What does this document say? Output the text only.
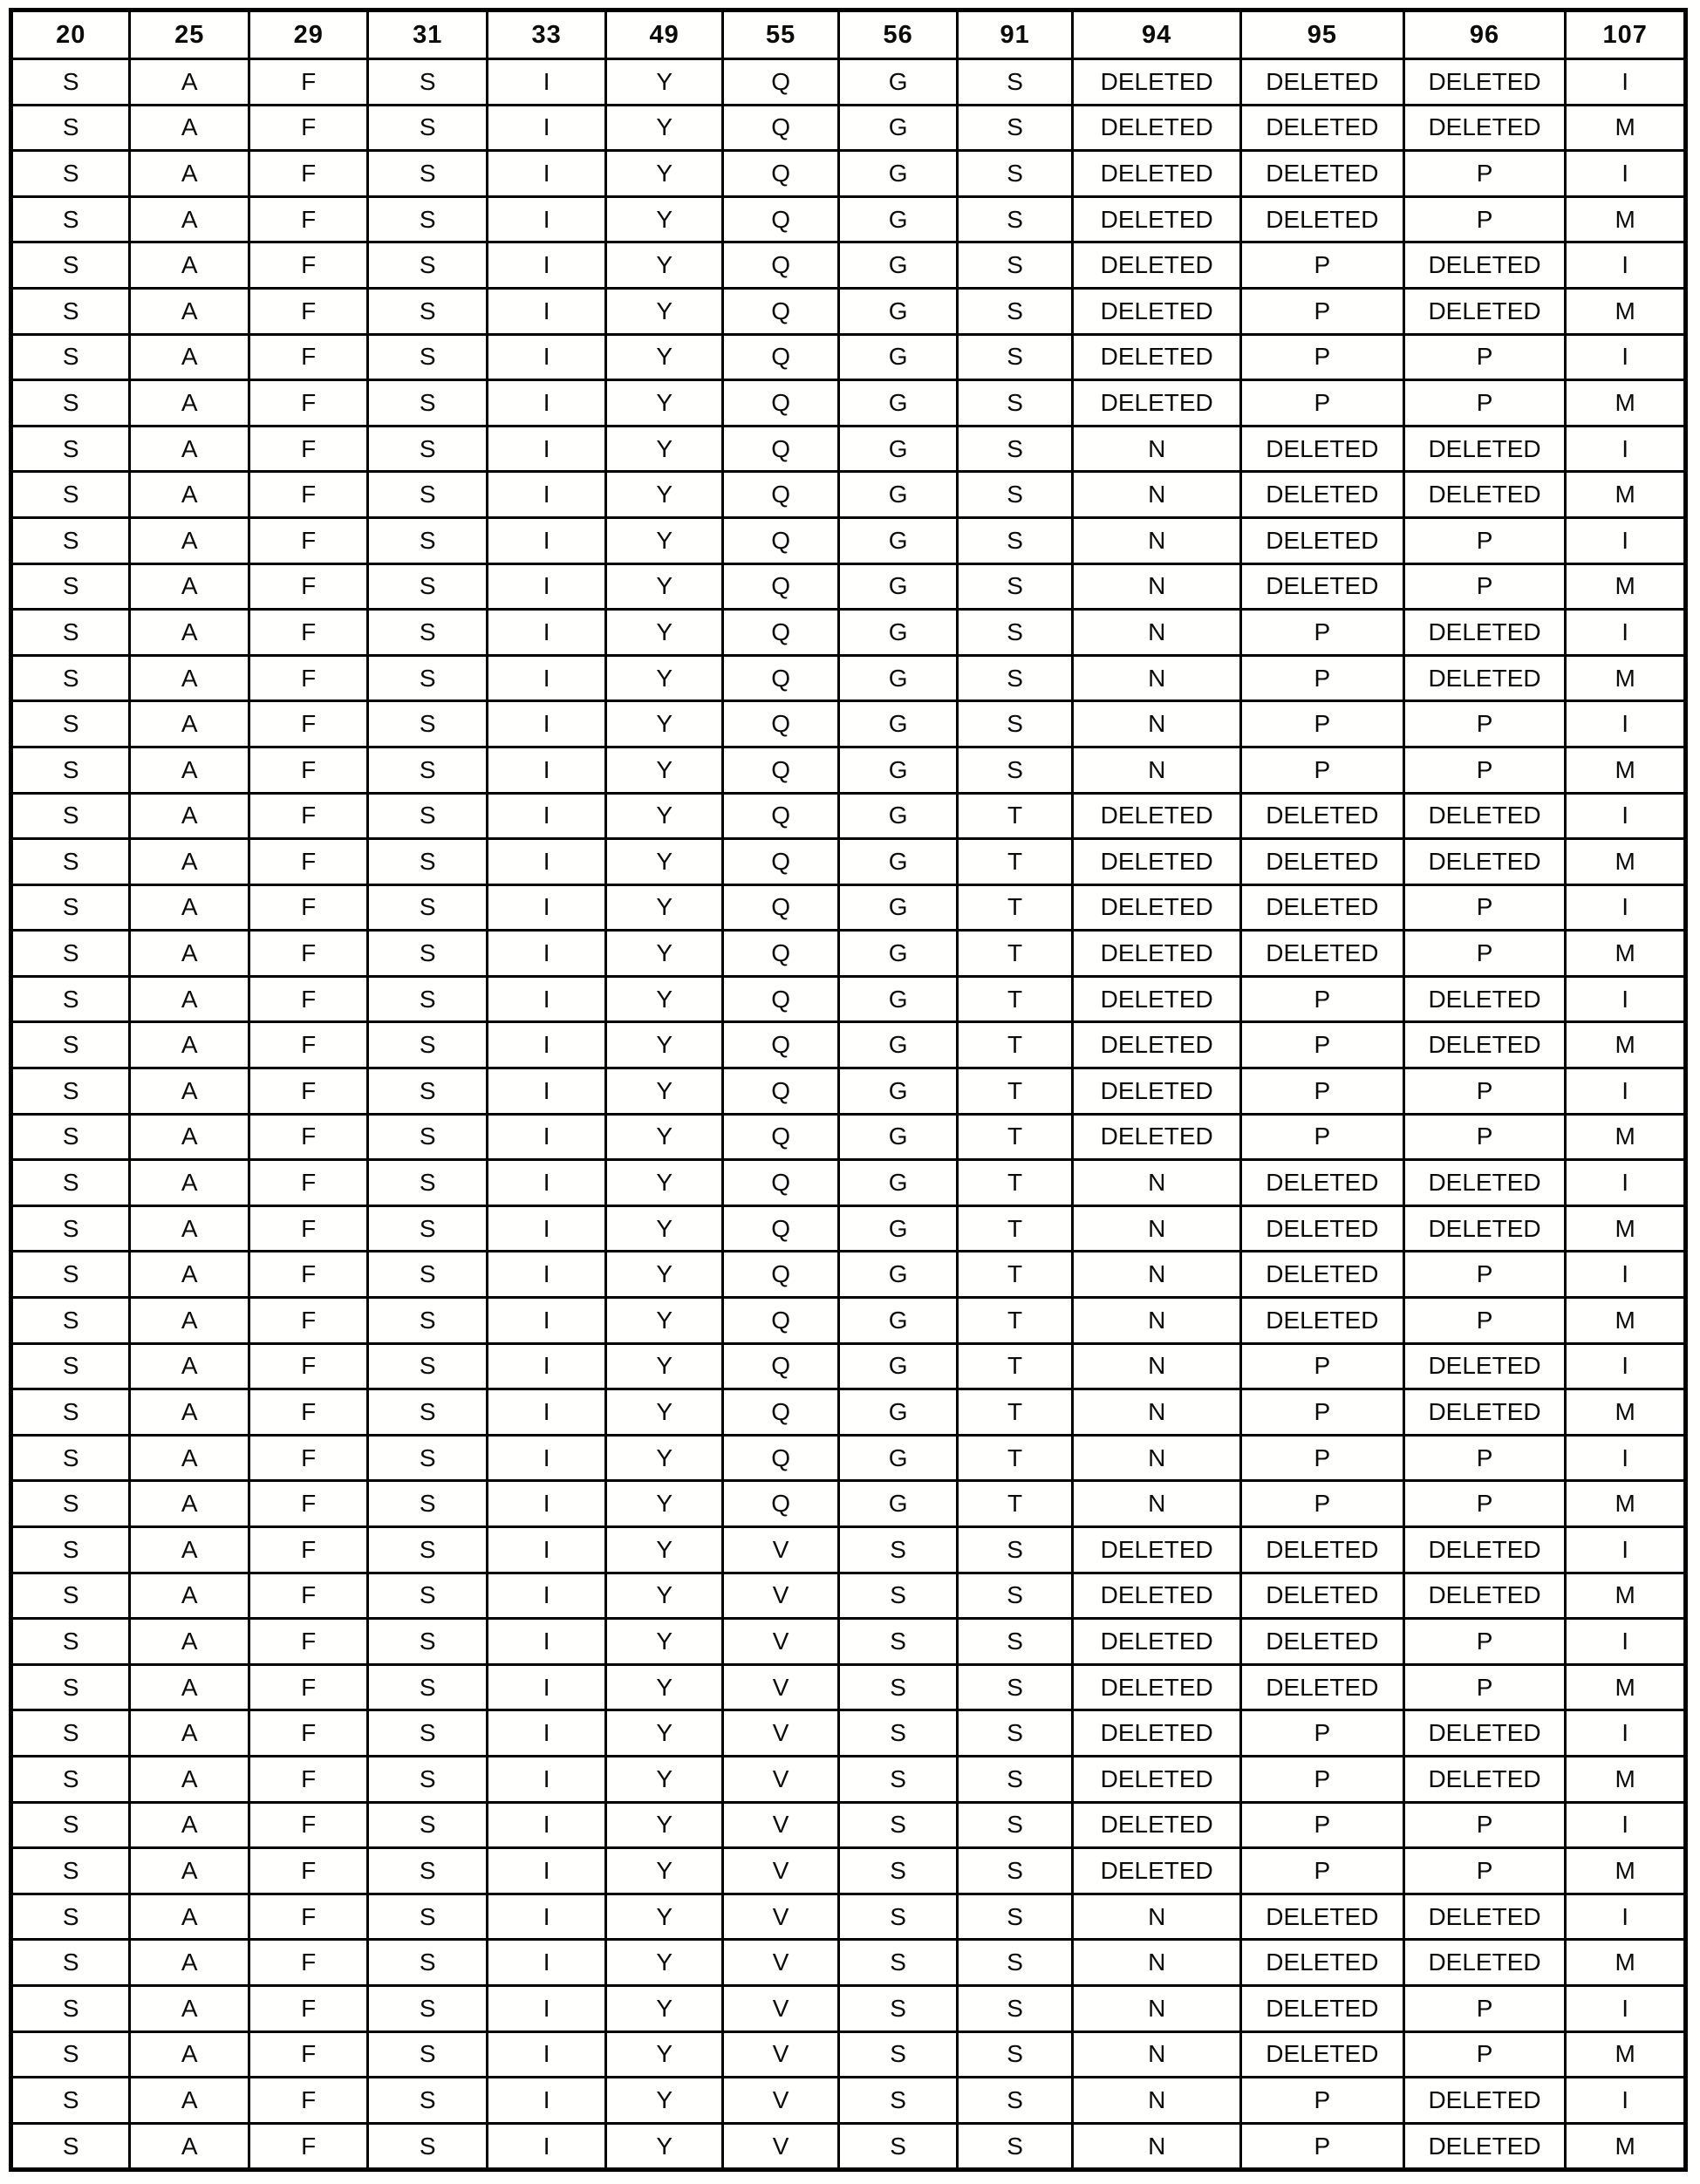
20	25	29	31	33	49	55	56	91	94	95	96	107
S	A	F	S	I	Y	Q	G	S	DELETED	DELETED	DELETED	I
S	A	F	S	I	Y	Q	G	S	DELETED	DELETED	DELETED	M
S	A	F	S	I	Y	Q	G	S	DELETED	DELETED	P	I
S	A	F	S	I	Y	Q	G	S	DELETED	DELETED	P	M
S	A	F	S	I	Y	Q	G	S	DELETED	P	DELETED	I
S	A	F	S	I	Y	Q	G	S	DELETED	P	DELETED	M
S	A	F	S	I	Y	Q	G	S	DELETED	P	P	I
S	A	F	S	I	Y	Q	G	S	DELETED	P	P	M
S	A	F	S	I	Y	Q	G	S	N	DELETED	DELETED	I
S	A	F	S	I	Y	Q	G	S	N	DELETED	DELETED	M
S	A	F	S	I	Y	Q	G	S	N	DELETED	P	I
S	A	F	S	I	Y	Q	G	S	N	DELETED	P	M
S	A	F	S	I	Y	Q	G	S	N	P	DELETED	I
S	A	F	S	I	Y	Q	G	S	N	P	DELETED	M
S	A	F	S	I	Y	Q	G	S	N	P	P	I
S	A	F	S	I	Y	Q	G	S	N	P	P	M
S	A	F	S	I	Y	Q	G	T	DELETED	DELETED	DELETED	I
S	A	F	S	I	Y	Q	G	T	DELETED	DELETED	DELETED	M
S	A	F	S	I	Y	Q	G	T	DELETED	DELETED	P	I
S	A	F	S	I	Y	Q	G	T	DELETED	DELETED	P	M
S	A	F	S	I	Y	Q	G	T	DELETED	P	DELETED	I
S	A	F	S	I	Y	Q	G	T	DELETED	P	DELETED	M
S	A	F	S	I	Y	Q	G	T	DELETED	P	P	I
S	A	F	S	I	Y	Q	G	T	DELETED	P	P	M
S	A	F	S	I	Y	Q	G	T	N	DELETED	DELETED	I
S	A	F	S	I	Y	Q	G	T	N	DELETED	DELETED	M
S	A	F	S	I	Y	Q	G	T	N	DELETED	P	I
S	A	F	S	I	Y	Q	G	T	N	DELETED	P	M
S	A	F	S	I	Y	Q	G	T	N	P	DELETED	I
S	A	F	S	I	Y	Q	G	T	N	P	DELETED	M
S	A	F	S	I	Y	Q	G	T	N	P	P	I
S	A	F	S	I	Y	Q	G	T	N	P	P	M
S	A	F	S	I	Y	V	S	S	DELETED	DELETED	DELETED	I
S	A	F	S	I	Y	V	S	S	DELETED	DELETED	DELETED	M
S	A	F	S	I	Y	V	S	S	DELETED	DELETED	P	I
S	A	F	S	I	Y	V	S	S	DELETED	DELETED	P	M
S	A	F	S	I	Y	V	S	S	DELETED	P	DELETED	I
S	A	F	S	I	Y	V	S	S	DELETED	P	DELETED	M
S	A	F	S	I	Y	V	S	S	DELETED	P	P	I
S	A	F	S	I	Y	V	S	S	DELETED	P	P	M
S	A	F	S	I	Y	V	S	S	N	DELETED	DELETED	I
S	A	F	S	I	Y	V	S	S	N	DELETED	DELETED	M
S	A	F	S	I	Y	V	S	S	N	DELETED	P	I
S	A	F	S	I	Y	V	S	S	N	DELETED	P	M
S	A	F	S	I	Y	V	S	S	N	P	DELETED	I
S	A	F	S	I	Y	V	S	S	N	P	DELETED	M
